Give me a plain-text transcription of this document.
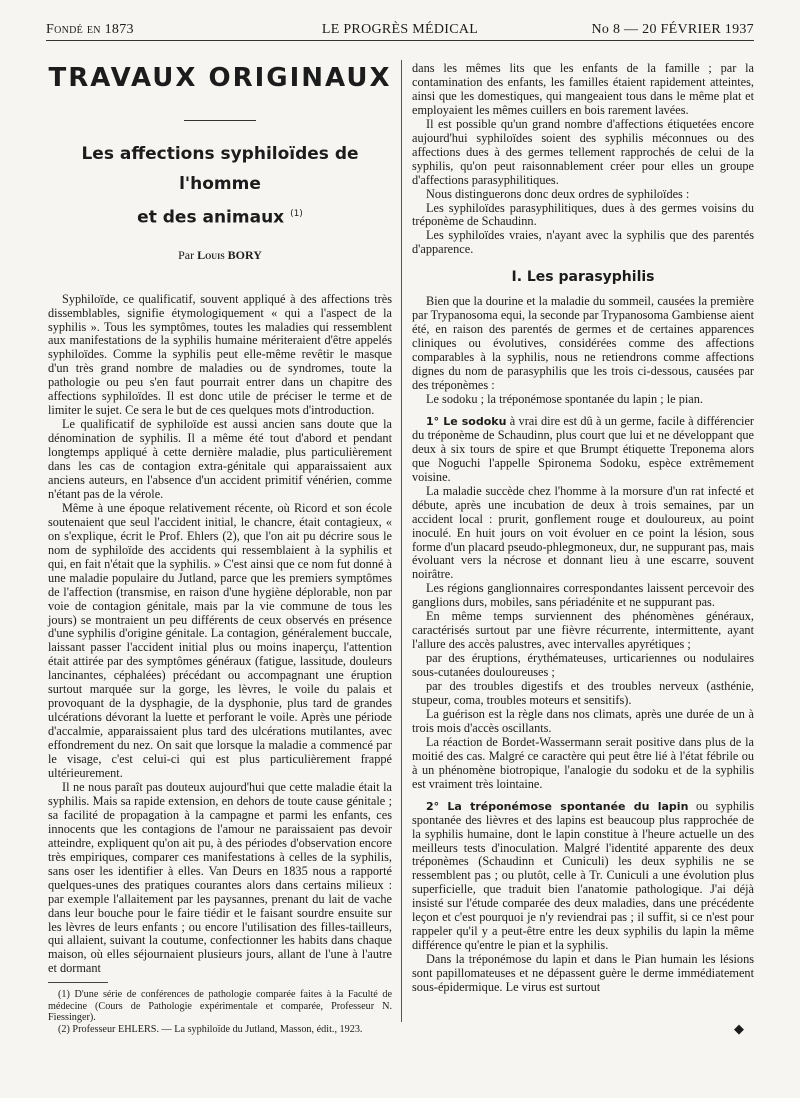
Fondé en 1873	LE PROGRÈS MÉDICAL	No 8 — 20 FÉVRIER 1937
TRAVAUX ORIGINAUX
Les affections syphiloïdes de l'homme
et des animaux $^{(1)}$
Par Louis BORY

Syphiloïde, ce qualificatif, souvent appliqué à des affections très dissemblables, signifie étymologiquement « qui a l'aspect de la syphilis ». Tous les symptômes, toutes les maladies qui ressemblent aux manifestations de la syphilis humaine mériteraient d'être appelés syphiloïdes. Comme la syphilis peut elle-même revêtir le masque d'un très grand nombre de maladies ou de syndromes, toute la pathologie ou peu s'en faut pourrait entrer dans un chapitre des affections syphiloïdes. Il est donc utile de préciser le terme et de limiter le sujet. Ce sera le but de ces quelques mots d'introduction.

Le qualificatif de syphiloïde est aussi ancien sans doute que la dénomination de syphilis. Il a même été tout d'abord et pendant longtemps appliqué à cette dernière maladie, plus particulièrement dans les cas de contagion extra-génitale qui apparaissaient aux anciens auteurs, en l'absence d'un accident primitif vénérien, comme n'étant pas de la vérole.

Même à une époque relativement récente, où Ricord et son école soutenaient que seul l'accident initial, le chancre, était contagieux, « on s'explique, écrit le Prof. Ehlers (2), que l'on ait pu décrire sous le nom de syphiloïde des accidents qui ressemblaient à la syphilis et qui, en fait n'était que la syphilis. » C'est ainsi que ce nom fut donné à une maladie populaire du Jutland, parce que les premiers symptômes de l'affection (transmise, en raison d'une hygiène déplorable, non par voie de contagion génitale, mais par la vie commune de tous les jours) se montraient un peu différents de ceux observés en présence d'une syphilis d'origine génitale. La contagion, généralement buccale, laissant passer l'accident initial plus ou moins inaperçu, l'attention était attirée par des symptômes généraux (fatigue, lassitude, douleurs lancinantes, céphalées) précédant ou accompagnant une éruption surtout marquée sur la gorge, les lèvres, le voile du palais et provoquant de la dysphagie, de la dysphonie, plus tard de grandes ulcérations dévorant la luette et perforant le voile. Après une période d'accalmie, apparaissaient plus tard des ulcérations mutilantes, avec effondrement du nez. On sait que lorsque la maladie a commencé par le visage, c'est celui-ci qui est plus particulièrement frappé ultérieurement.

Il ne nous paraît pas douteux aujourd'hui que cette maladie était la syphilis. Mais sa rapide extension, en dehors de toute cause génitale ; sa facilité de propagation à la campagne et parmi les enfants, ces innocents que les contagions de l'amour ne paraissaient pas devoir atteindre, expliquent qu'on ait pu, à des périodes d'observation encore très empiriques, comparer ces manifestations à celles de la syphilis, sans oser les identifier à elles. Van Deurs en 1835 nous a rapporté quelques-unes des pratiques courantes alors dans certains milieux : par exemple l'allaitement par les paysannes, prenant du lait de vache dans leur bouche pour le faire tiédir et le faisant sourdre ensuite sur les lèvres de leurs enfants ; ou encore l'utilisation des filles-tailleurs, qui allaient, suivant la coutume, confectionner les habits dans chaque maison, où elles séjournaient plusieurs jours, allant de l'une à l'autre et dormant

(1) D'une série de conférences de pathologie comparée faites à la Faculté de médecine (Cours de Pathologie expérimentale et comparée, Professeur N. Fiessinger).

(2) Professeur EHLERS. — La syphiloïde du Jutland, Masson, édit., 1923.

dans les mêmes lits que les enfants de la famille ; par la contamination des enfants, les familles étaient rapidement atteintes, ainsi que les domestiques, qui mangeaient tous dans le même plat et employaient les mêmes cuillers en bois rarement lavées.

Il est possible qu'un grand nombre d'affections étiquetées encore aujourd'hui syphiloïdes soient des syphilis méconnues ou des affections dues à des germes tellement rapprochés de celui de la syphilis, qu'on peut raisonnablement créer pour elles un groupe d'affections parasyphilitiques.

Nous distinguerons donc deux ordres de syphiloïdes :

Les syphiloïdes parasyphilitiques, dues à des germes voisins du tréponème de Schaudinn.

Les syphiloïdes vraies, n'ayant avec la syphilis que des parentés d'apparence.

I. Les parasyphilis

Bien que la dourine et la maladie du sommeil, causées la première par Trypanosoma equi, la seconde par Trypanosoma Gambiense aient été, en raison des parentés de germes et de certaines apparences cliniques ou évolutives, considérées comme des affections comparables à la syphilis, nous ne retiendrons comme affections dignes du nom de parasyphilis que les trois ci-dessous, causées par des tréponèmes :

Le sodoku ; la tréponémose spontanée du lapin ; le pian.

1° Le sodoku à vrai dire est dû à un germe, facile à différencier du tréponème de Schaudinn, plus court que lui et ne développant que deux à six tours de spire et que Brumpt étiquette Treponema alors que Noguchi l'appelle Spironema Sodoku, espèce extrêmement voisine.

La maladie succède chez l'homme à la morsure d'un rat infecté et débute, après une incubation de deux à trois semaines, par un accident local : prurit, gonflement rouge et douloureux, au point inoculé. En huit jours on voit évoluer en ce point la lésion, sous forme d'un placard pseudo-phlegmoneux, dur, ne suppurant pas, mais évoluant vers la nécrose et donnant lieu à une escarre, souvent noirâtre.

Les régions ganglionnaires correspondantes laissent percevoir des ganglions durs, mobiles, sans périadénite et ne suppurant pas.

En même temps surviennent des phénomènes généraux, caractérisés surtout par une fièvre récurrente, intermittente, ayant l'allure des accès palustres, avec intervalles apyrétiques ;

par des éruptions, érythémateuses, urticariennes ou nodulaires sous-cutanées douloureuses ;

par des troubles digestifs et des troubles nerveux (asthénie, stupeur, coma, troubles moteurs et sensitifs).

La guérison est la règle dans nos climats, après une durée de un à trois mois d'accès oscillants.

La réaction de Bordet-Wassermann serait positive dans plus de la moitié des cas. Malgré ce caractère qui peut être lié à l'état fébrile ou à un phénomène biotropique, l'analogie du sodoku et de la syphilis est vraiment très lointaine.

2° La tréponémose spontanée du lapin ou syphilis spontanée des lièvres et des lapins est beaucoup plus rapprochée de la syphilis humaine, dont le lapin constitue à l'heure actuelle un des meilleurs tests d'inoculation. Malgré l'identité apparente des deux tréponèmes (Schaudinn et Cuniculi) les deux syphilis ne se ressemblent pas ; ou plutôt, celle à Tr. Cuniculi a une évolution plus superficielle, que traduit bien l'anatomie pathologique. J'ai déjà insisté sur l'étude comparée des deux maladies, dans une précédente leçon et c'est pourquoi je n'y reviendrai pas ; il suffit, si ce n'est pour rappeler qu'il y a peut-être entre les deux syphilis du lapin la même différence qu'entre le pian et la syphilis.

Dans la tréponémose du lapin et dans le Pian humain les lésions sont papillomateuses et ne dépassent guère le derme immédiatement sous-épidermique. Le virus est surtout

◆
